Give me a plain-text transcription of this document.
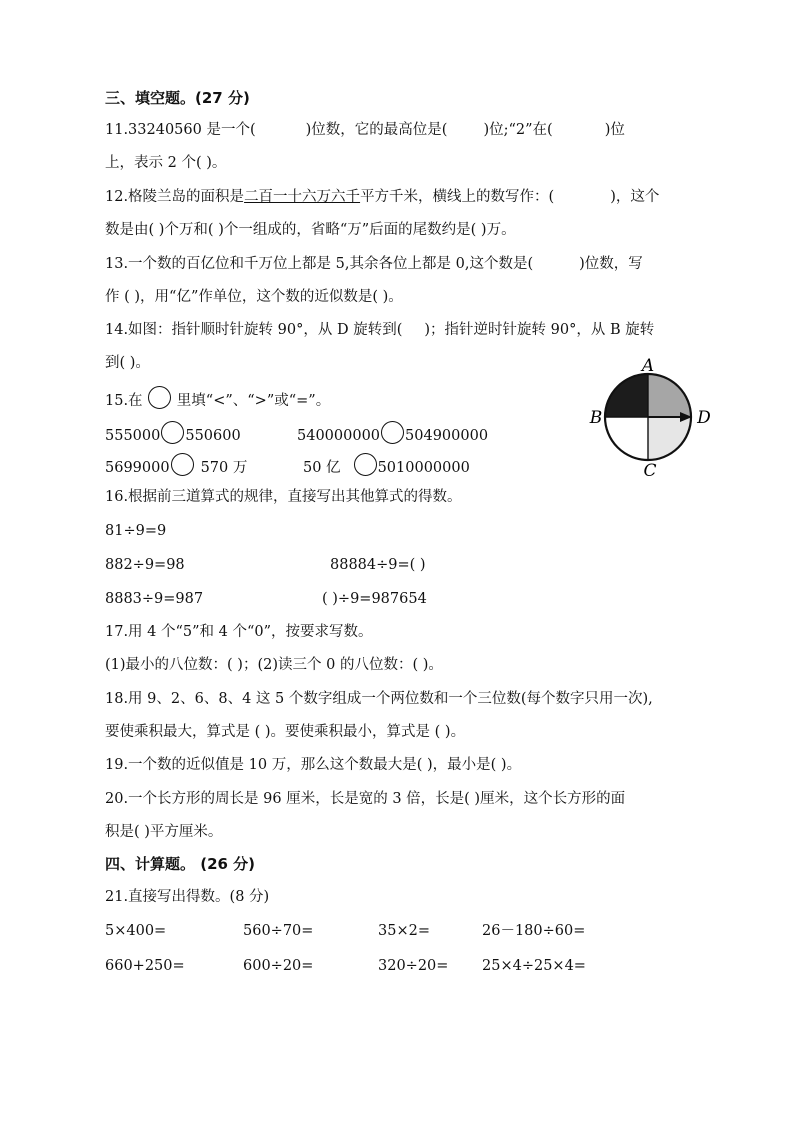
三、填空题。(27 分)
11.33240560 是一个(	)位数，它的最高位是( )位;“2”在(	)位
上，表示 2 个( )。
12.格陵兰岛的面积是二百一十六万六千平方千米，横线上的数写作：(	)，这个
数是由( )个万和( )个一组成的，省略“万”后面的尾数约是( )万。
13.一个数的百亿位和千万位上都是 5,其余各位上都是 0,这个数是(	)位数，写
作 ( )，用“亿”作单位，这个数的近似数是( )。
14.如图：指针顺时针旋转 90°，从 D 旋转到( )；指针逆时针旋转 90°，从 B 旋转
到( )。
15.在 里填“<”、“>”或“=”。
555000 550600	540000000 504900000
5699000 570 万	50 亿	5010000000
A
B	D
C
16.根据前三道算式的规律，直接写出其他算式的得数。
81÷9=9
882÷9=98	88884÷9=( )
8883÷9=987	( )÷9=987654
17.用 4 个“5”和 4 个“0”，按要求写数。
(1)最小的八位数：( )；(2)读三个 0 的八位数：( )。
18.用 9、2、6、8、4 这 5 个数字组成一个两位数和一个三位数(每个数字只用一次),
要使乘积最大，算式是 ( )。要使乘积最小，算式是 ( )。
19.一个数的近似值是 10 万，那么这个数最大是( )，最小是( )。
20.一个长方形的周长是 96 厘米，长是宽的 3 倍，长是( )厘米，这个长方形的面
积是( )平方厘米。
四、计算题。 (26 分)
21.直接写出得数。(8 分)
5×400=	560÷70=	35×2=	26－180÷60=
660+250=	600÷20=	320÷20= 25×4÷25×4=
